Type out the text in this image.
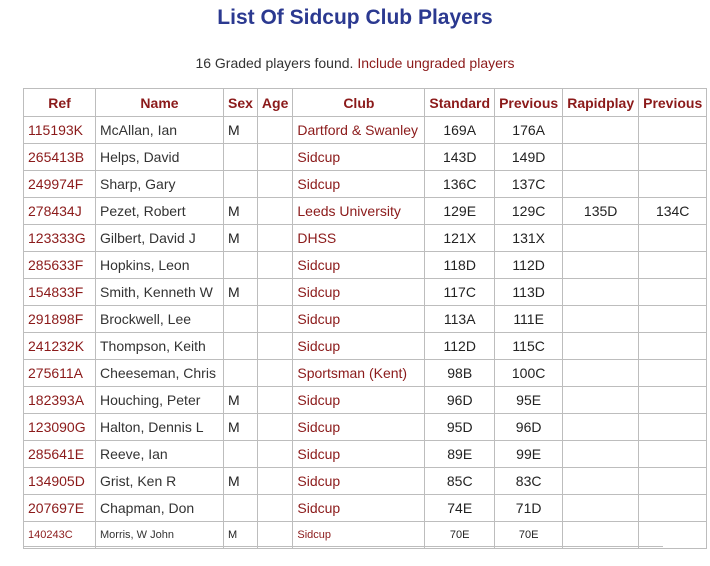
List Of Sidcup Club Players
16 Graded players found. Include ungraded players
Ref	Name	Sex	Age	Club	Standard	Previous	Rapidplay	Previous
115193K	McAllan, Ian	M		Dartford & Swanley	169A	176A		
265413B	Helps, David			Sidcup	143D	149D		
249974F	Sharp, Gary			Sidcup	136C	137C		
278434J	Pezet, Robert	M		Leeds University	129E	129C	135D	134C
123333G	Gilbert, David J	M		DHSS	121X	131X		
285633F	Hopkins, Leon			Sidcup	118D	112D		
154833F	Smith, Kenneth W	M		Sidcup	117C	113D		
291898F	Brockwell, Lee			Sidcup	113A	111E		
241232K	Thompson, Keith			Sidcup	112D	115C		
275611A	Cheeseman, Chris			Sportsman (Kent)	98B	100C		
182393A	Houching, Peter	M		Sidcup	96D	95E		
123090G	Halton, Dennis L	M		Sidcup	95D	96D		
285641E	Reeve, Ian			Sidcup	89E	99E		
134905D	Grist, Ken R	M		Sidcup	85C	83C		
207697E	Chapman, Don			Sidcup	74E	71D		
140243C	Morris, W John	M		Sidcup	70E	70E		
